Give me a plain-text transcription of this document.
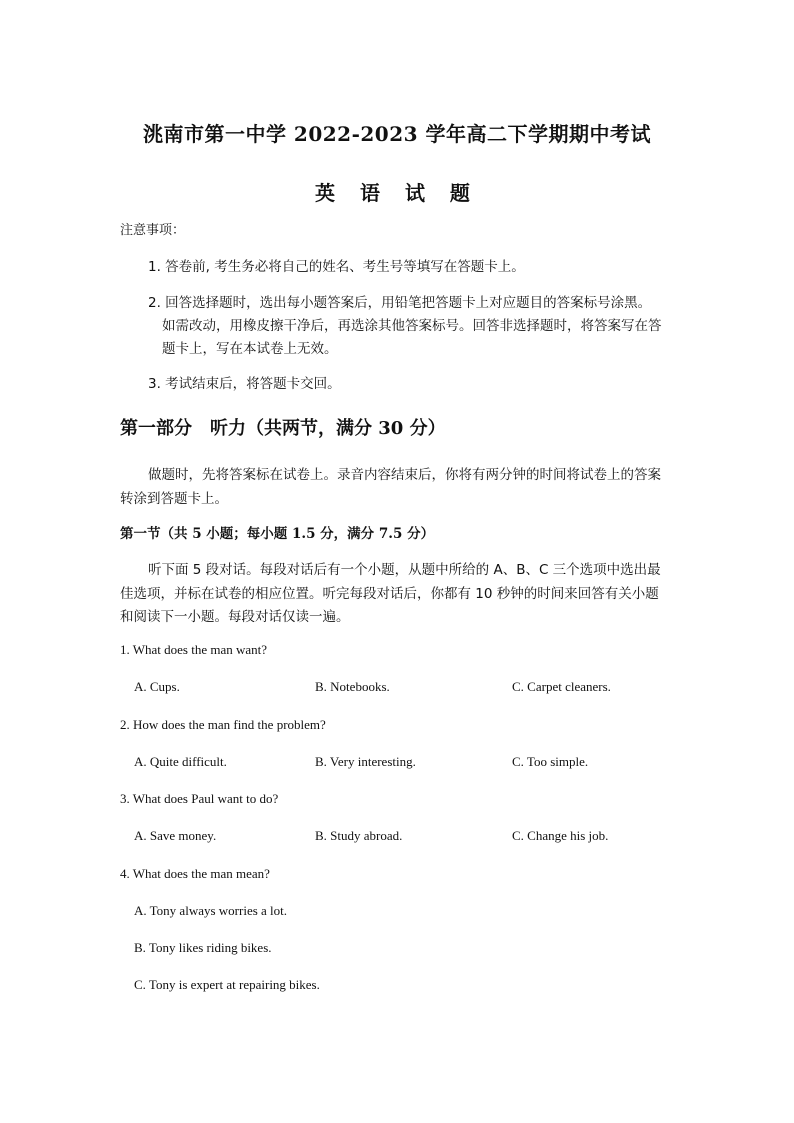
洮南市第一中学 2022-2023 学年高二下学期期中考试
英 语 试 题
注意事项：
1. 答卷前, 考生务必将自己的姓名、考生号等填写在答题卡上。
2. 回答选择题时，选出每小题答案后，用铅笔把答题卡上对应题目的答案标号涂黑。
如需改动，用橡皮擦干净后，再选涂其他答案标号。回答非选择题时，将答案写在答
题卡上，写在本试卷上无效。
3. 考试结束后，将答题卡交回。
第一部分　听力（共两节，满分 30 分）
做题时，先将答案标在试卷上。录音内容结束后，你将有两分钟的时间将试卷上的答案
转涂到答题卡上。
第一节（共 5 小题；每小题 1.5 分，满分 7.5 分）
听下面 5 段对话。每段对话后有一个小题，从题中所给的 A、B、C 三个选项中选出最
佳选项，并标在试卷的相应位置。听完每段对话后，你都有 10 秒钟的时间来回答有关小题
和阅读下一小题。每段对话仅读一遍。
1. What does the man want?
A. Cups.	B. Notebooks.	C. Carpet cleaners.
2. How does the man find the problem?
A. Quite difficult.	B. Very interesting.	C. Too simple.
3. What does Paul want to do?
A. Save money.	B. Study abroad.	C. Change his job.
4. What does the man mean?
A. Tony always worries a lot.
B. Tony likes riding bikes.
C. Tony is expert at repairing bikes.
